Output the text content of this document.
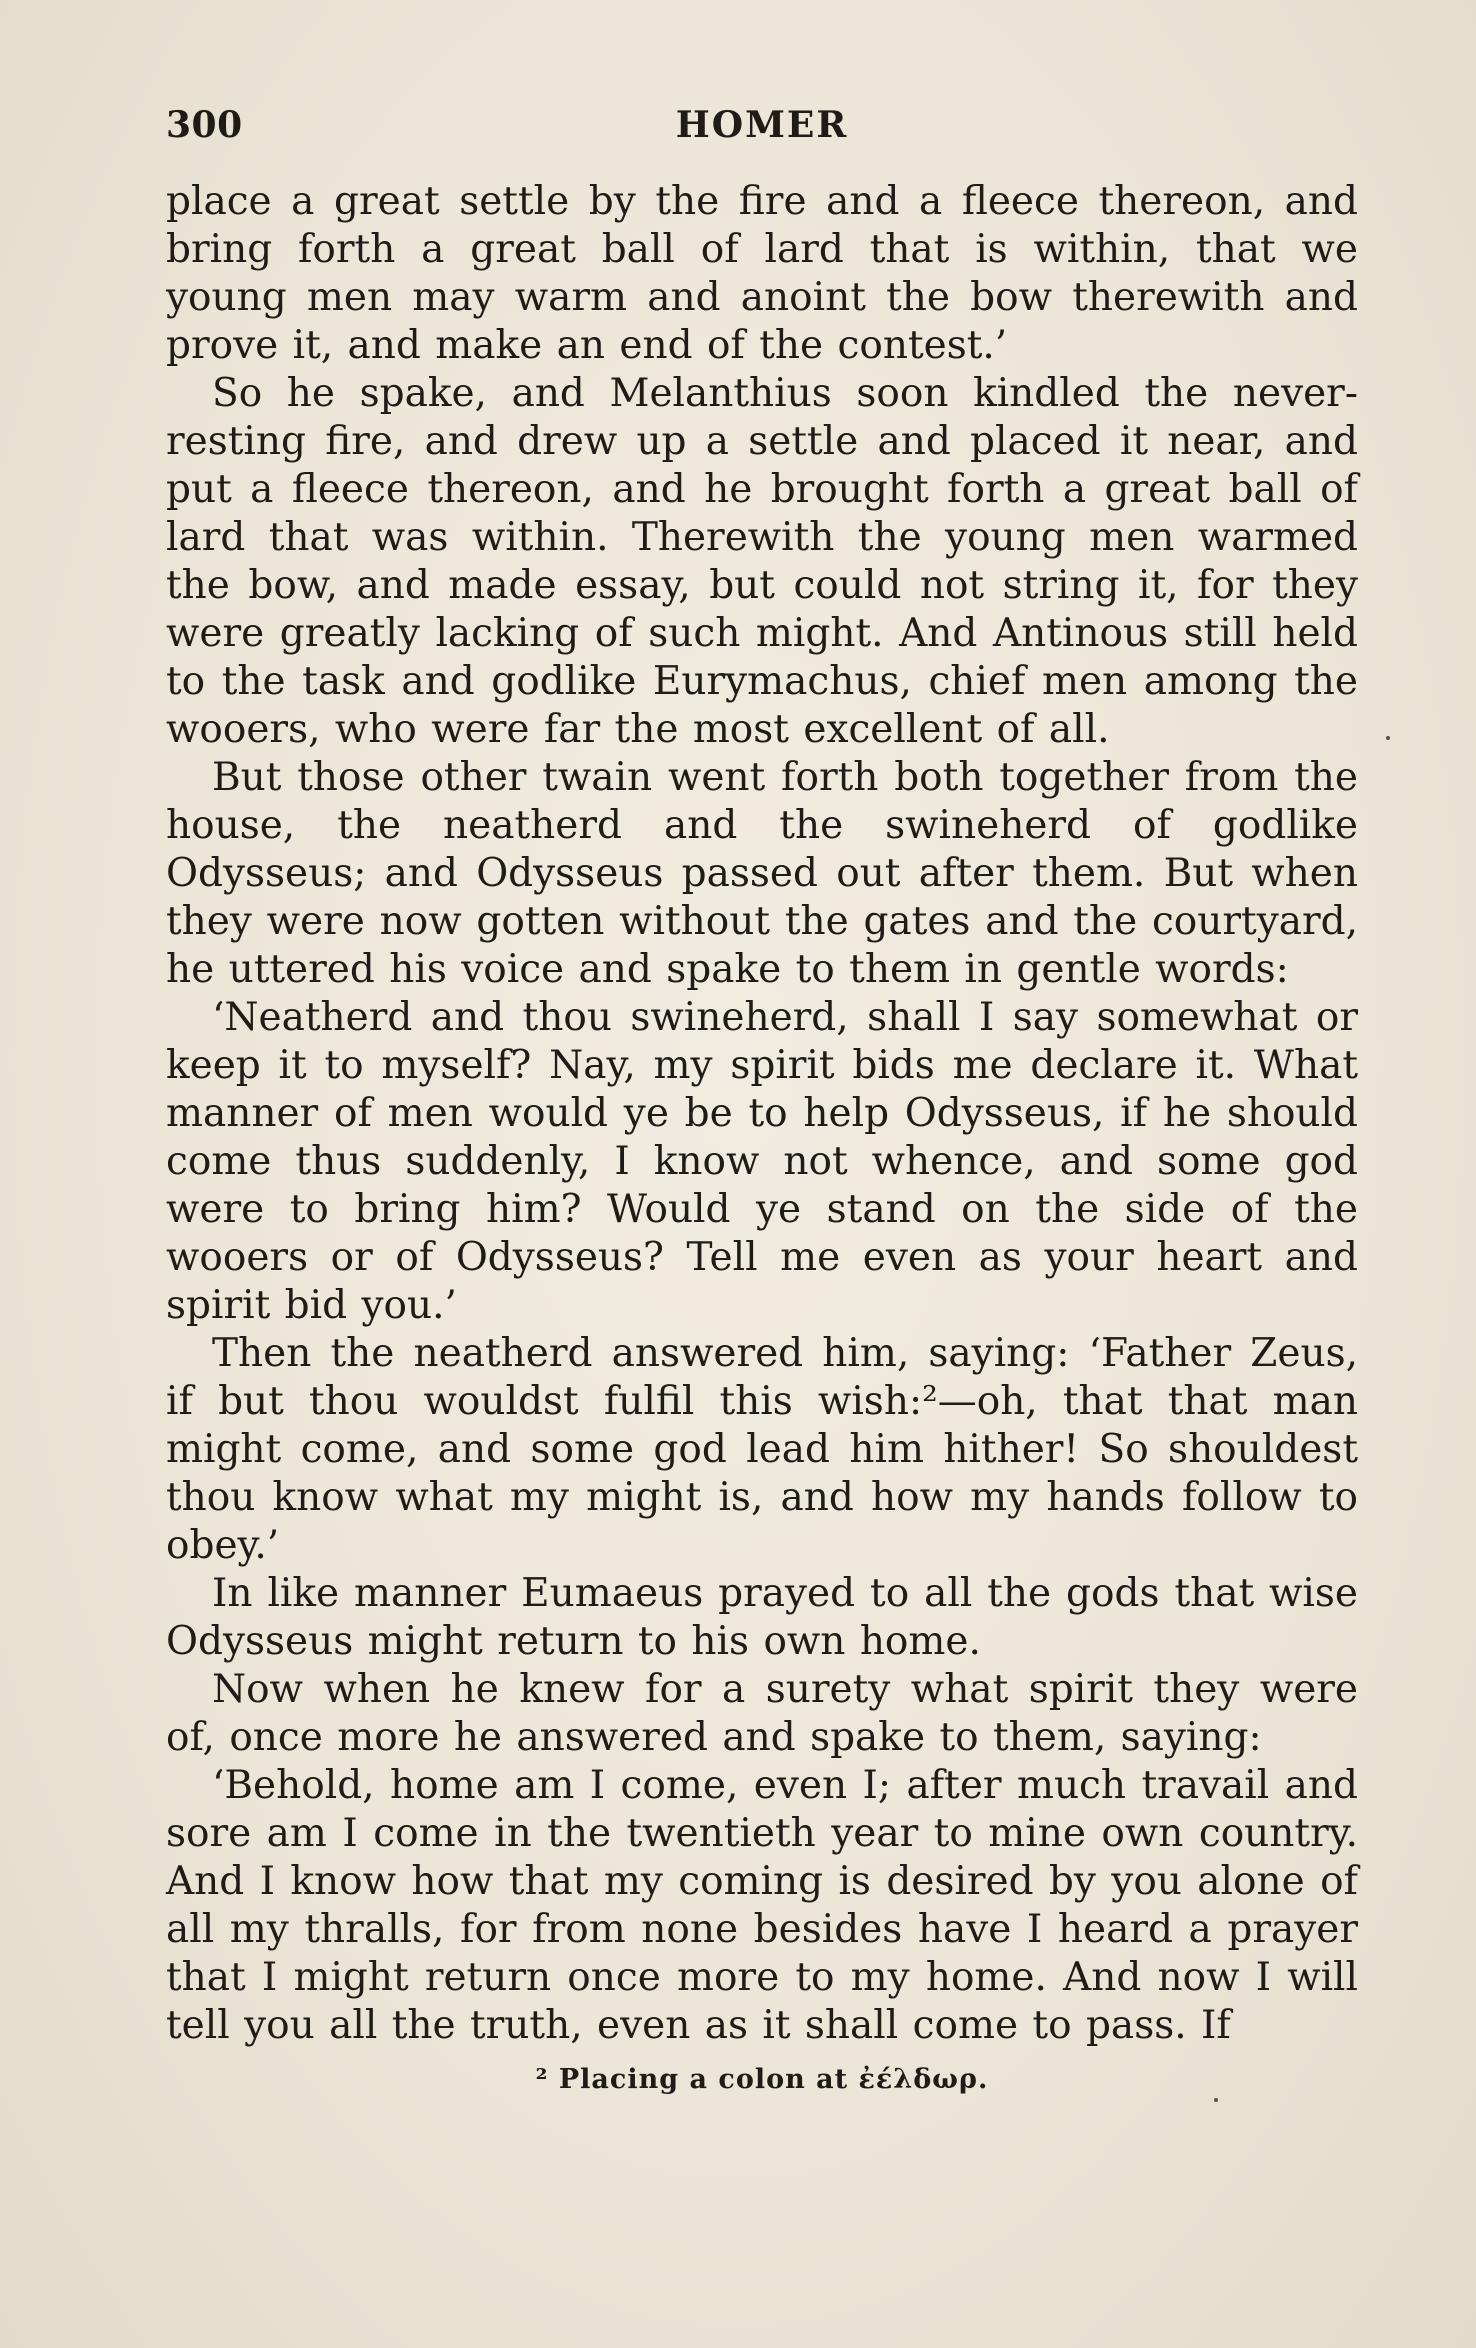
300	HOMER

place a great settle by the fire and a fleece thereon, and bring forth a great ball of lard that is within, that we young men may warm and anoint the bow therewith and prove it, and make an end of the contest.’

So he spake, and Melanthius soon kindled the never-resting fire, and drew up a settle and placed it near, and put a fleece thereon, and he brought forth a great ball of lard that was within. Therewith the young men warmed the bow, and made essay, but could not string it, for they were greatly lacking of such might. And Antinous still held to the task and godlike Eurymachus, chief men among the wooers, who were far the most excellent of all.

But those other twain went forth both together from the house, the neatherd and the swineherd of godlike Odysseus; and Odysseus passed out after them. But when they were now gotten without the gates and the courtyard, he uttered his voice and spake to them in gentle words:

‘Neatherd and thou swineherd, shall I say somewhat or keep it to myself? Nay, my spirit bids me declare it. What manner of men would ye be to help Odysseus, if he should come thus suddenly, I know not whence, and some god were to bring him? Would ye stand on the side of the wooers or of Odysseus? Tell me even as your heart and spirit bid you.’

Then the neatherd answered him, saying: ‘Father Zeus, if but thou wouldst fulfil this wish:²—oh, that that man might come, and some god lead him hither! So shouldest thou know what my might is, and how my hands follow to obey.’

In like manner Eumaeus prayed to all the gods that wise Odysseus might return to his own home.

Now when he knew for a surety what spirit they were of, once more he answered and spake to them, saying:

‘Behold, home am I come, even I; after much travail and sore am I come in the twentieth year to mine own country. And I know how that my coming is desired by you alone of all my thralls, for from none besides have I heard a prayer that I might return once more to my home. And now I will tell you all the truth, even as it shall come to pass. If

² Placing a colon at ἐέλδωρ.
